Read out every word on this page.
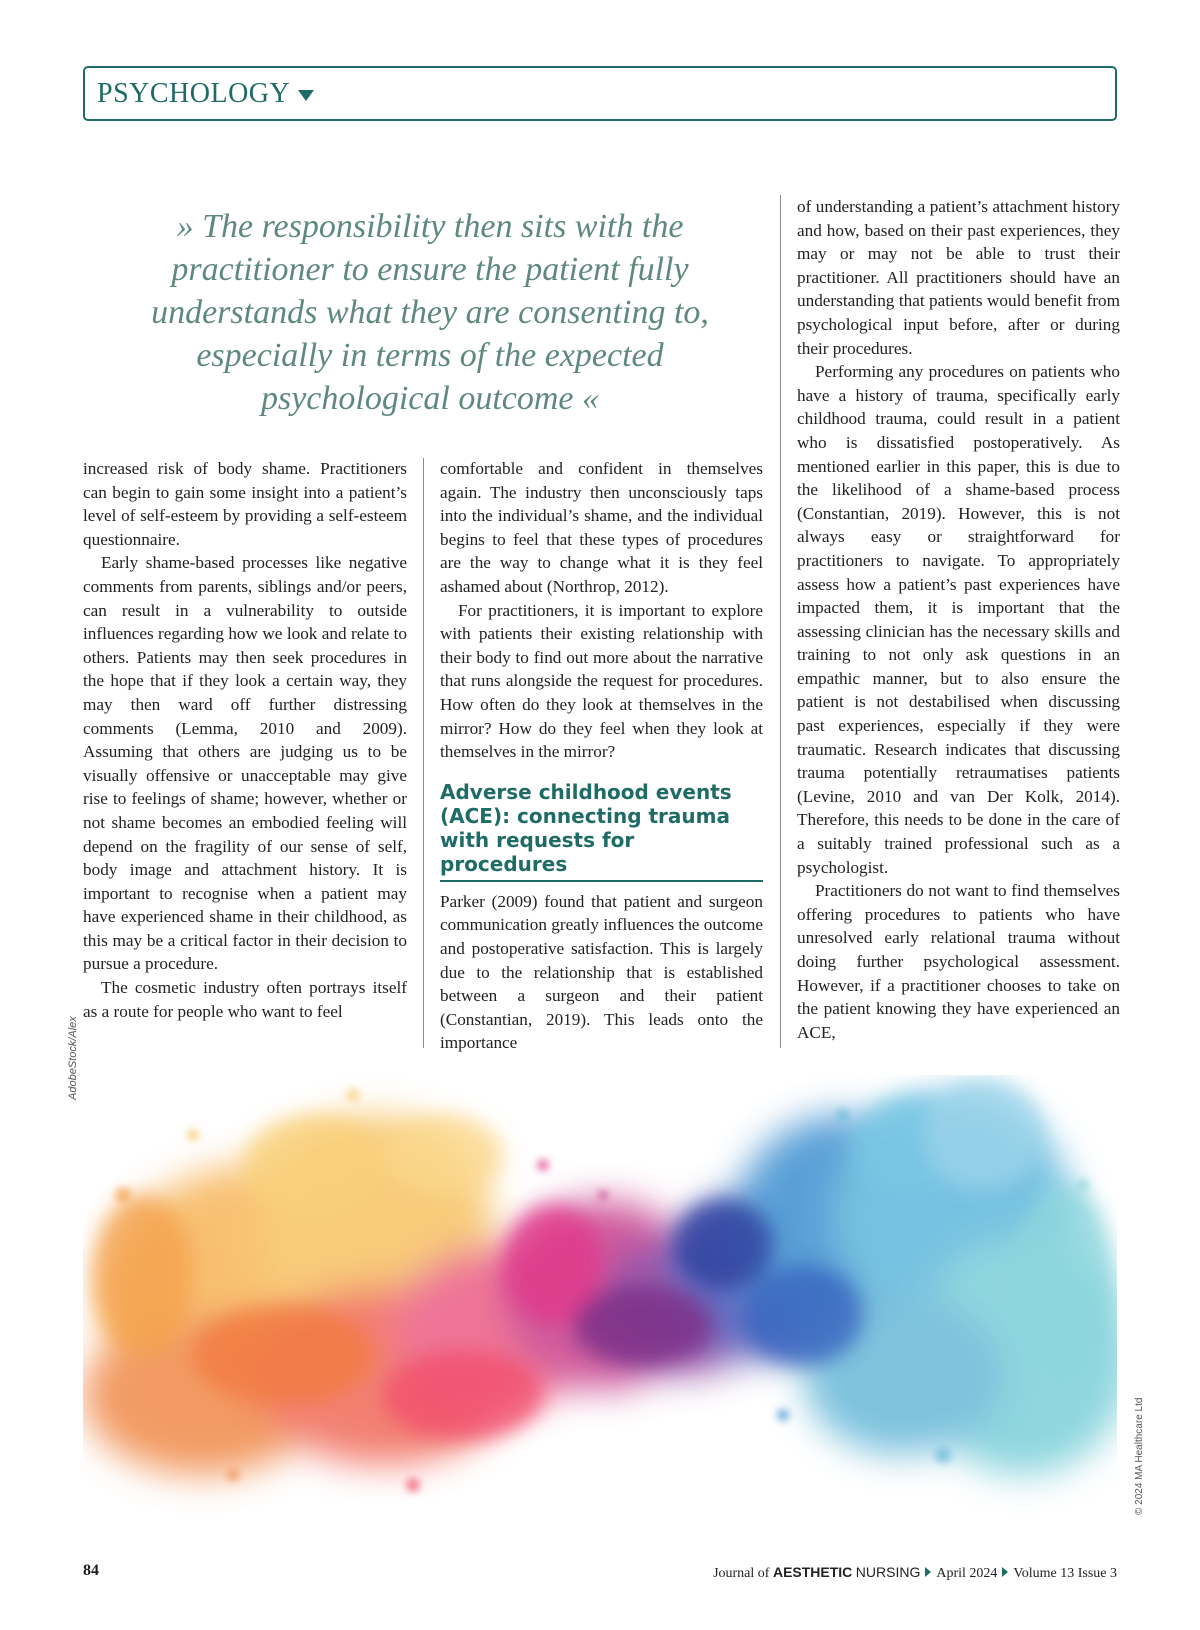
PSYCHOLOGY
» The responsibility then sits with the practitioner to ensure the patient fully understands what they are consenting to, especially in terms of the expected psychological outcome «

increased risk of body shame. Practitioners can begin to gain some insight into a patient’s level of self-esteem by providing a self-esteem questionnaire.

Early shame-based processes like negative comments from parents, siblings and/or peers, can result in a vulnerability to outside influences regarding how we look and relate to others. Patients may then seek procedures in the hope that if they look a certain way, they may then ward off further distressing comments (Lemma, 2010 and 2009). Assuming that others are judging us to be visually offensive or unacceptable may give rise to feelings of shame; however, whether or not shame becomes an embodied feeling will depend on the fragility of our sense of self, body image and attachment history. It is important to recognise when a patient may have experienced shame in their childhood, as this may be a critical factor in their decision to pursue a procedure.

The cosmetic industry often portrays itself as a route for people who want to feel

comfortable and confident in themselves again. The industry then unconsciously taps into the individual’s shame, and the individual begins to feel that these types of procedures are the way to change what it is they feel ashamed about (Northrop, 2012).

For practitioners, it is important to explore with patients their existing relationship with their body to find out more about the narrative that runs alongside the request for procedures. How often do they look at themselves in the mirror? How do they feel when they look at themselves in the mirror?

Adverse childhood events (ACE): connecting trauma with requests for procedures

Parker (2009) found that patient and surgeon communication greatly influences the outcome and postoperative satisfaction. This is largely due to the relationship that is established between a surgeon and their patient (Constantian, 2019). This leads onto the importance

of understanding a patient’s attachment history and how, based on their past experiences, they may or may not be able to trust their practitioner. All practitioners should have an understanding that patients would benefit from psychological input before, after or during their procedures.

Performing any procedures on patients who have a history of trauma, specifically early childhood trauma, could result in a patient who is dissatisfied postoperatively. As mentioned earlier in this paper, this is due to the likelihood of a shame-based process (Constantian, 2019). However, this is not always easy or straightforward for practitioners to navigate. To appropriately assess how a patient’s past experiences have impacted them, it is important that the assessing clinician has the necessary skills and training to not only ask questions in an empathic manner, but to also ensure the patient is not destabilised when discussing past experiences, especially if they were traumatic. Research indicates that discussing trauma potentially retraumatises patients (Levine, 2010 and van Der Kolk, 2014). Therefore, this needs to be done in the care of a suitably trained professional such as a psychologist.

Practitioners do not want to find themselves offering procedures to patients who have unresolved early relational trauma without doing further psychological assessment. However, if a practitioner chooses to take on the patient knowing they have experienced an ACE,

AdobeStock/Alex
© 2024 MA Healthcare Ltd
84	Journal of AESTHETIC NURSING April 2024 Volume 13 Issue 3
